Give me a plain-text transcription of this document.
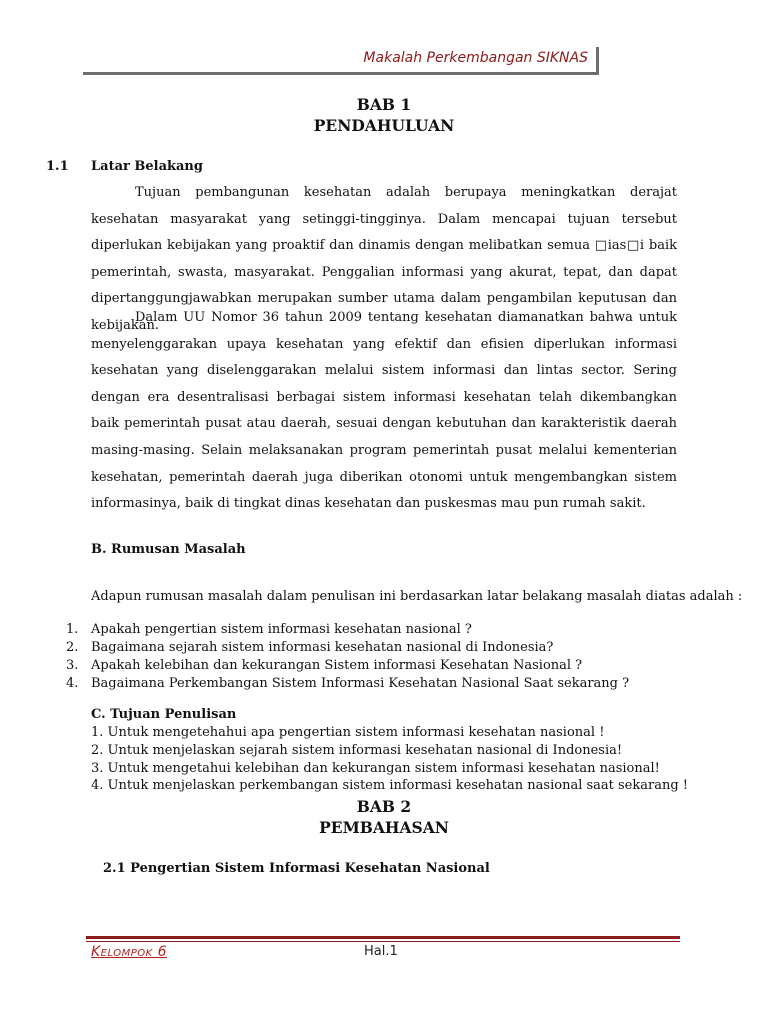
Makalah Perkembangan SIKNAS
BAB 1
PENDAHULUAN
1.1 Latar Belakang
Tujuan pembangunan kesehatan adalah berupaya meningkatkan derajat kesehatan masyarakat yang setinggi-tingginya. Dalam mencapai tujuan tersebut diperlukan kebijakan yang proaktif dan dinamis dengan melibatkan semua □ias□i baik pemerintah, swasta, masyarakat. Penggalian informasi yang akurat, tepat, dan dapat dipertanggungjawabkan merupakan sumber utama dalam pengambilan keputusan dan kebijakan.
Dalam UU Nomor 36 tahun 2009 tentang kesehatan diamanatkan bahwa untuk menyelenggarakan upaya kesehatan yang efektif dan efisien diperlukan informasi kesehatan yang diselenggarakan melalui sistem informasi dan lintas sector. Sering dengan era desentralisasi berbagai sistem informasi kesehatan telah dikembangkan baik pemerintah pusat atau daerah, sesuai dengan kebutuhan dan karakteristik daerah masing-masing. Selain melaksanakan program pemerintah pusat melalui kementerian kesehatan, pemerintah daerah juga diberikan otonomi untuk mengembangkan sistem informasinya, baik di tingkat dinas kesehatan dan puskesmas mau pun rumah sakit.
B. Rumusan Masalah
Adapun rumusan masalah dalam penulisan ini berdasarkan latar belakang masalah diatas adalah :
1. Apakah pengertian sistem informasi kesehatan nasional ?
2. Bagaimana sejarah sistem informasi kesehatan nasional di Indonesia?
3. Apakah kelebihan dan kekurangan Sistem informasi Kesehatan Nasional ?
4. Bagaimana Perkembangan Sistem Informasi Kesehatan Nasional Saat sekarang ?
C. Tujuan Penulisan
1. Untuk mengetehahui apa pengertian sistem informasi kesehatan nasional !
2. Untuk menjelaskan sejarah sistem informasi kesehatan nasional di Indonesia!
3. Untuk mengetahui kelebihan dan kekurangan sistem informasi kesehatan nasional!
4. Untuk menjelaskan perkembangan sistem informasi kesehatan nasional saat sekarang !
BAB 2
PEMBAHASAN
2.1 Pengertian Sistem Informasi Kesehatan Nasional
Kelompok 6	Hal.1
